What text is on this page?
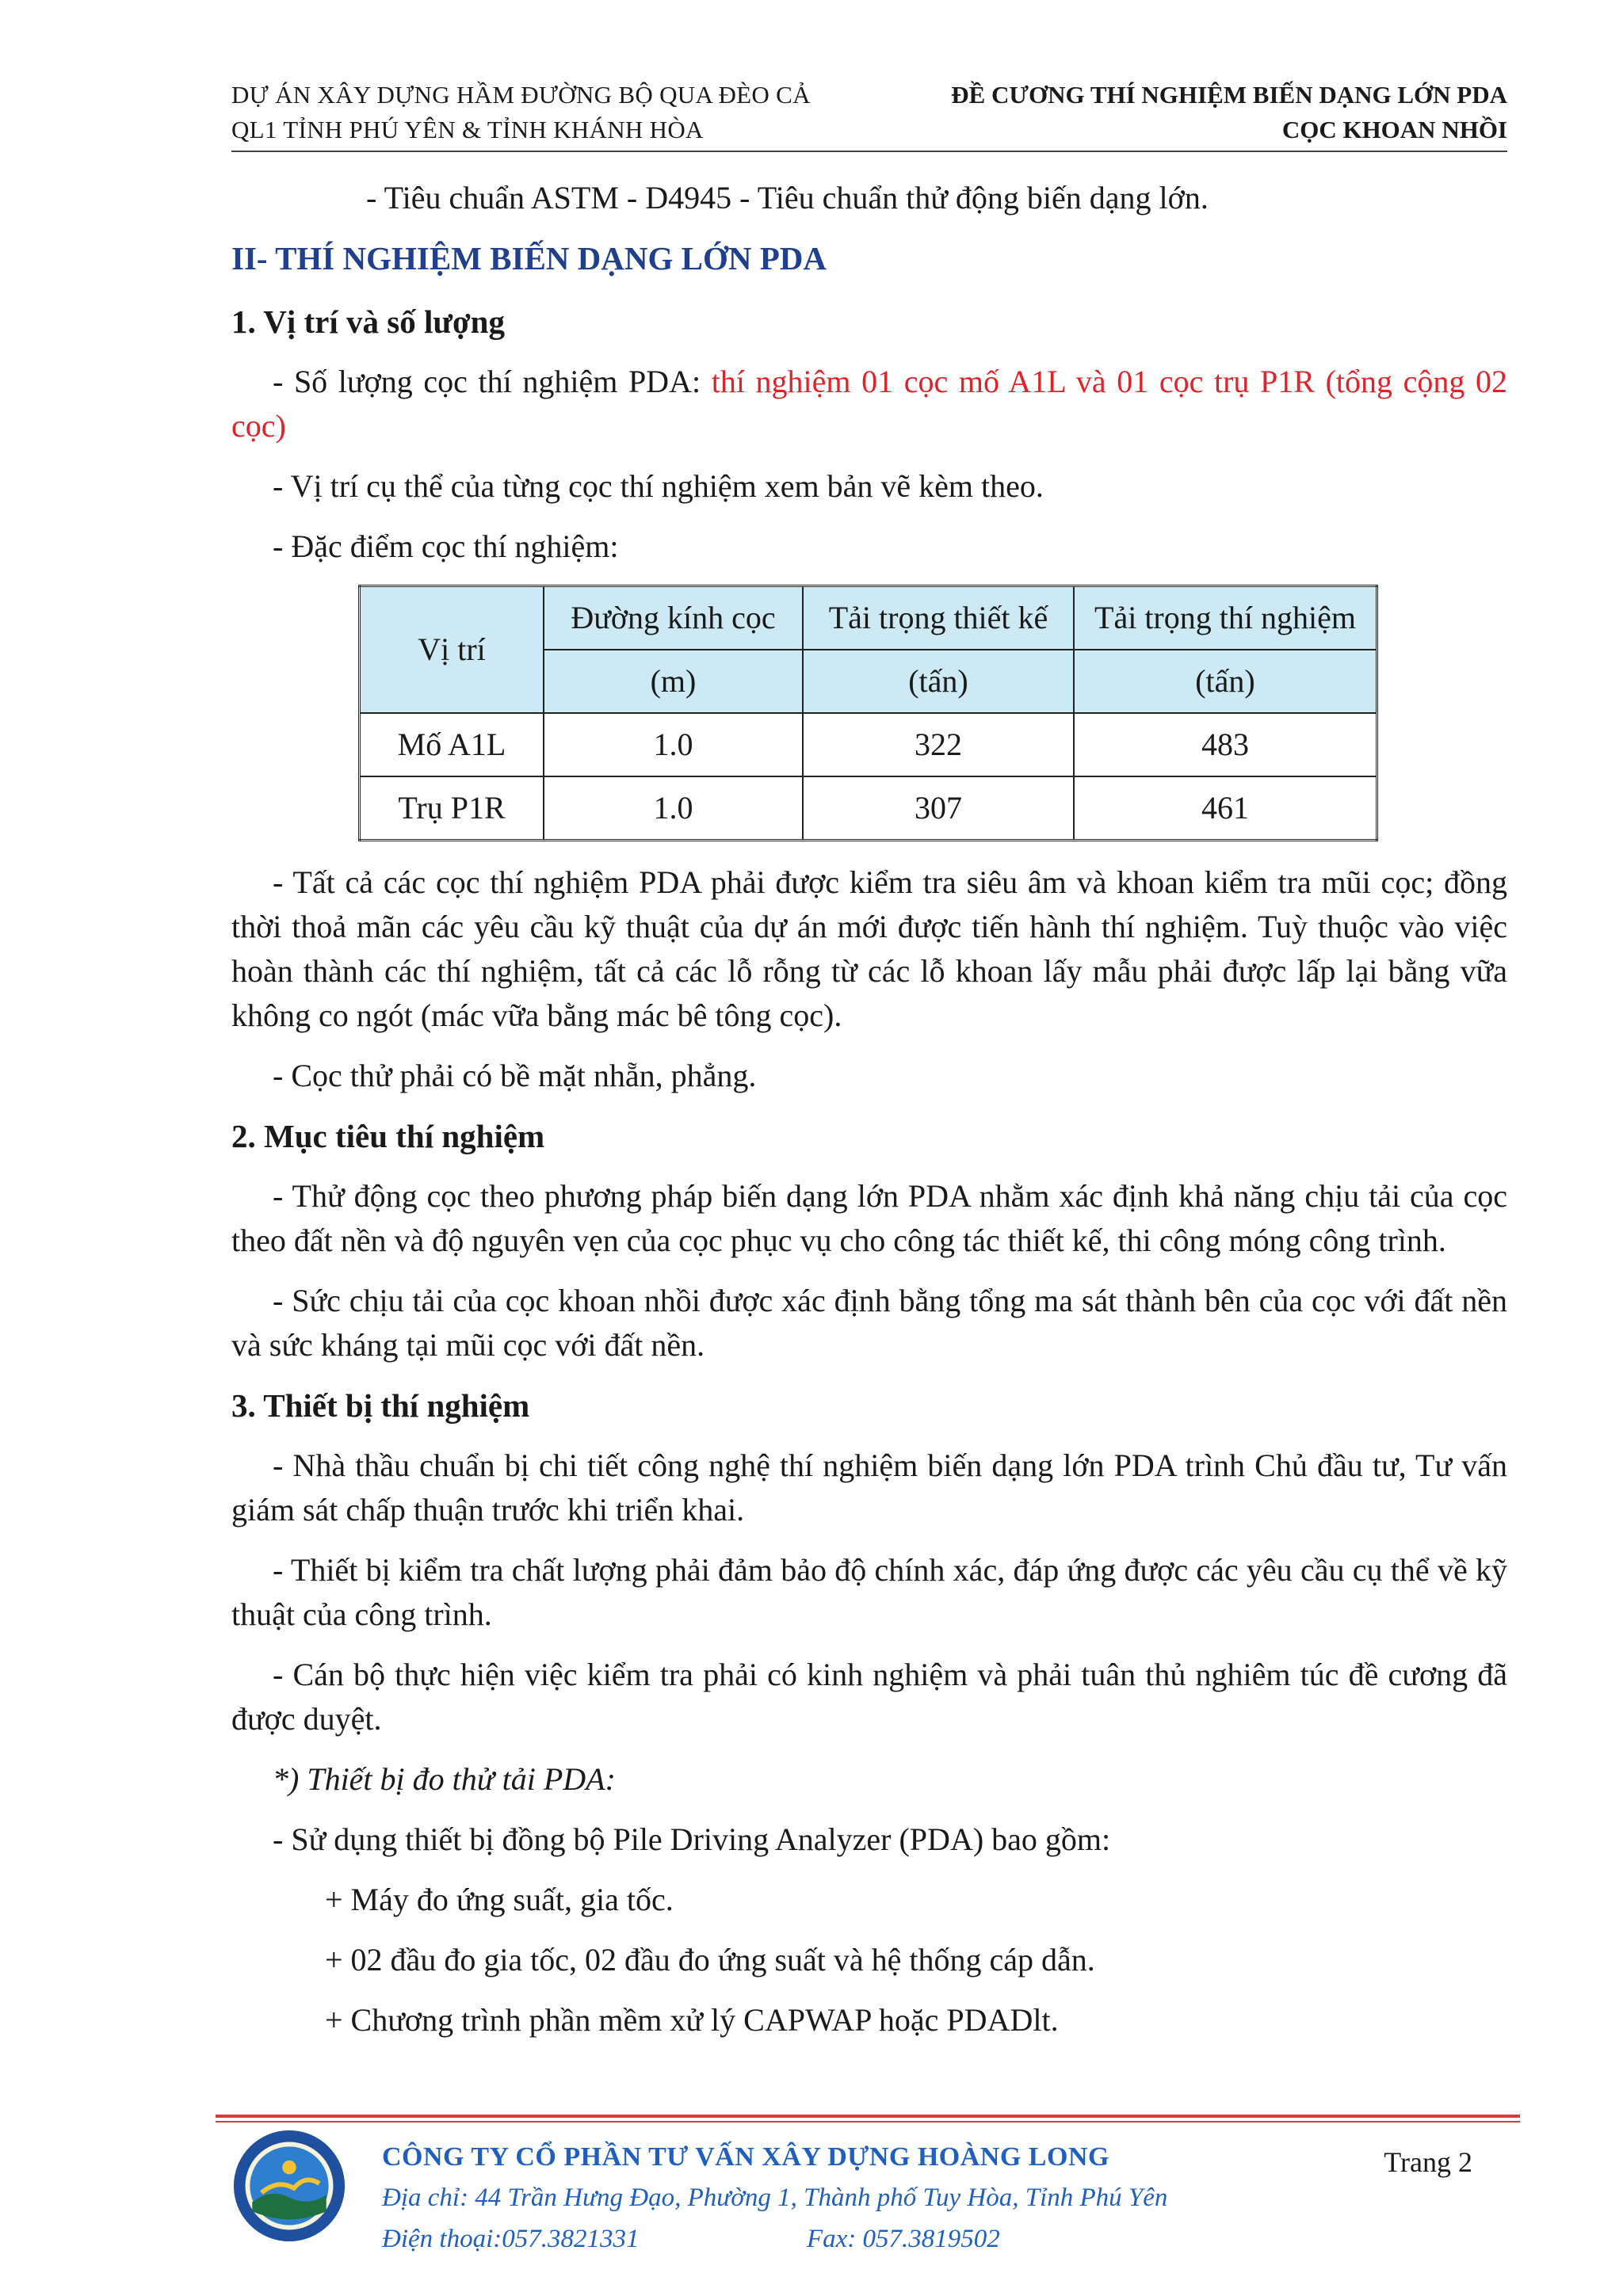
DỰ ÁN XÂY DỰNG HẦM ĐƯỜNG BỘ QUA ĐÈO CẢ
QL1 TỈNH PHÚ YÊN & TỈNH KHÁNH HÒA
ĐỀ CƯƠNG THÍ NGHIỆM BIẾN DẠNG LỚN PDA
CỌC KHOAN NHỒI

- Tiêu chuẩn ASTM - D4945 - Tiêu chuẩn thử động biến dạng lớn.

II- THÍ NGHIỆM BIẾN DẠNG LỚN PDA
1. Vị trí và số lượng

- Số lượng cọc thí nghiệm PDA: thí nghiệm 01 cọc mố A1L và 01 cọc trụ P1R (tổng cộng 02 cọc)

- Vị trí cụ thể của từng cọc thí nghiệm xem bản vẽ kèm theo.

- Đặc điểm cọc thí nghiệm:

Vị trí	Đường kính cọc	Tải trọng thiết kế	Tải trọng thí nghiệm
	(m)	(tấn)	(tấn)
Mố A1L	1.0	322	483
Trụ P1R	1.0	307	461

- Tất cả các cọc thí nghiệm PDA phải được kiểm tra siêu âm và khoan kiểm tra mũi cọc; đồng thời thoả mãn các yêu cầu kỹ thuật của dự án mới được tiến hành thí nghiệm. Tuỳ thuộc vào việc hoàn thành các thí nghiệm, tất cả các lỗ rỗng từ các lỗ khoan lấy mẫu phải được lấp lại bằng vữa không co ngót (mác vữa bằng mác bê tông cọc).

- Cọc thử phải có bề mặt nhẵn, phẳng.

2. Mục tiêu thí nghiệm

- Thử động cọc theo phương pháp biến dạng lớn PDA nhằm xác định khả năng chịu tải của cọc theo đất nền và độ nguyên vẹn của cọc phục vụ cho công tác thiết kế, thi công móng công trình.

- Sức chịu tải của cọc khoan nhồi được xác định bằng tổng ma sát thành bên của cọc với đất nền và sức kháng tại mũi cọc với đất nền.

3. Thiết bị thí nghiệm

- Nhà thầu chuẩn bị chi tiết công nghệ thí nghiệm biến dạng lớn PDA trình Chủ đầu tư, Tư vấn giám sát chấp thuận trước khi triển khai.

- Thiết bị kiểm tra chất lượng phải đảm bảo độ chính xác, đáp ứng được các yêu cầu cụ thể về kỹ thuật của công trình.

- Cán bộ thực hiện việc kiểm tra phải có kinh nghiệm và phải tuân thủ nghiêm túc đề cương đã được duyệt.

*) Thiết bị đo thử tải PDA:

- Sử dụng thiết bị đồng bộ Pile Driving Analyzer (PDA) bao gồm:

+ Máy đo ứng suất, gia tốc.

+ 02 đầu đo gia tốc, 02 đầu đo ứng suất và hệ thống cáp dẫn.

+ Chương trình phần mềm xử lý CAPWAP hoặc PDADlt.

CÔNG TY CỔ PHẦN TƯ VẤN XÂY DỰNG HOÀNG LONG
Địa chỉ: 44 Trần Hưng Đạo, Phường 1, Thành phố Tuy Hòa, Tỉnh Phú Yên
Điện thoại:057.3821331	Fax: 057.3819502
Trang 2
